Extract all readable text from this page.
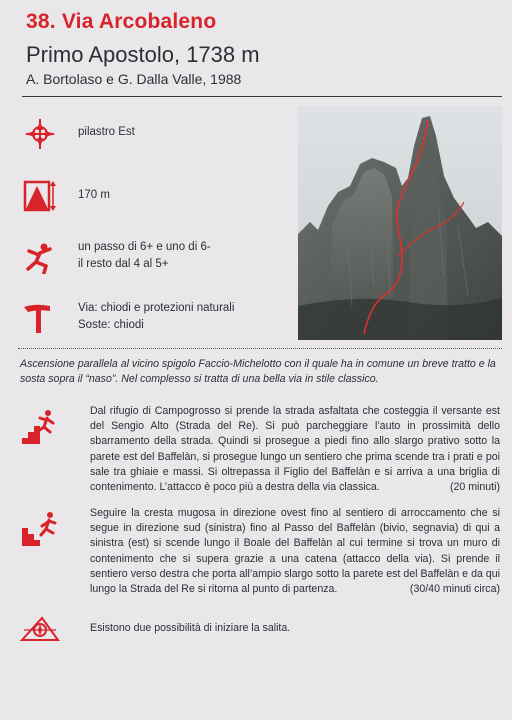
38. Via Arcobaleno
Primo Apostolo, 1738 m
A. Bortolaso e G. Dalla Valle, 1988
pilastro Est
170 m
un passo di 6+ e uno di 6-
il resto dal 4 al 5+
Via: chiodi e protezioni naturali
Soste: chiodi
Ascensione parallela al vicino spigolo Faccio-Michelotto con il quale ha in comune un breve tratto e la sosta sopra il “naso”. Nel complesso si tratta di una bella via in stile classico.
Dal rifugio di Campogrosso si prende la strada asfaltata che costeggia il versante est del Sengio Alto (Strada del Re). Si può parcheggiare l’auto in prossimità dello sbarramento della strada. Quindi si prosegue a piedi fino allo slargo prativo sotto la parete est del Baffelàn, si prosegue lungo un sentiero che prima scende tra i prati e poi sale tra ghiaie e massi. Si oltrepassa il Figlio del Baffelàn e si arriva a una briglia di contenimento. L’attacco è poco più a destra della via classica.	(20 minuti)
Seguire la cresta mugosa in direzione ovest fino al sentiero di arroccamento che si segue in direzione sud (sinistra) fino al Passo del Baffelàn (bivio, segnavia) di qui a sinistra (est) si scende lungo il Boale del Baffelàn al cui termine si trova un muro di contenimento che si supera grazie a una catena (attacco della via). Si prende il sentiero verso destra che porta all’ampio slargo sotto la parete est del Baffelàn e da qui lungo la Strada del Re si ritorna al punto di partenza.	(30/40 minuti circa)
Esistono due possibilità di iniziare la salita.
